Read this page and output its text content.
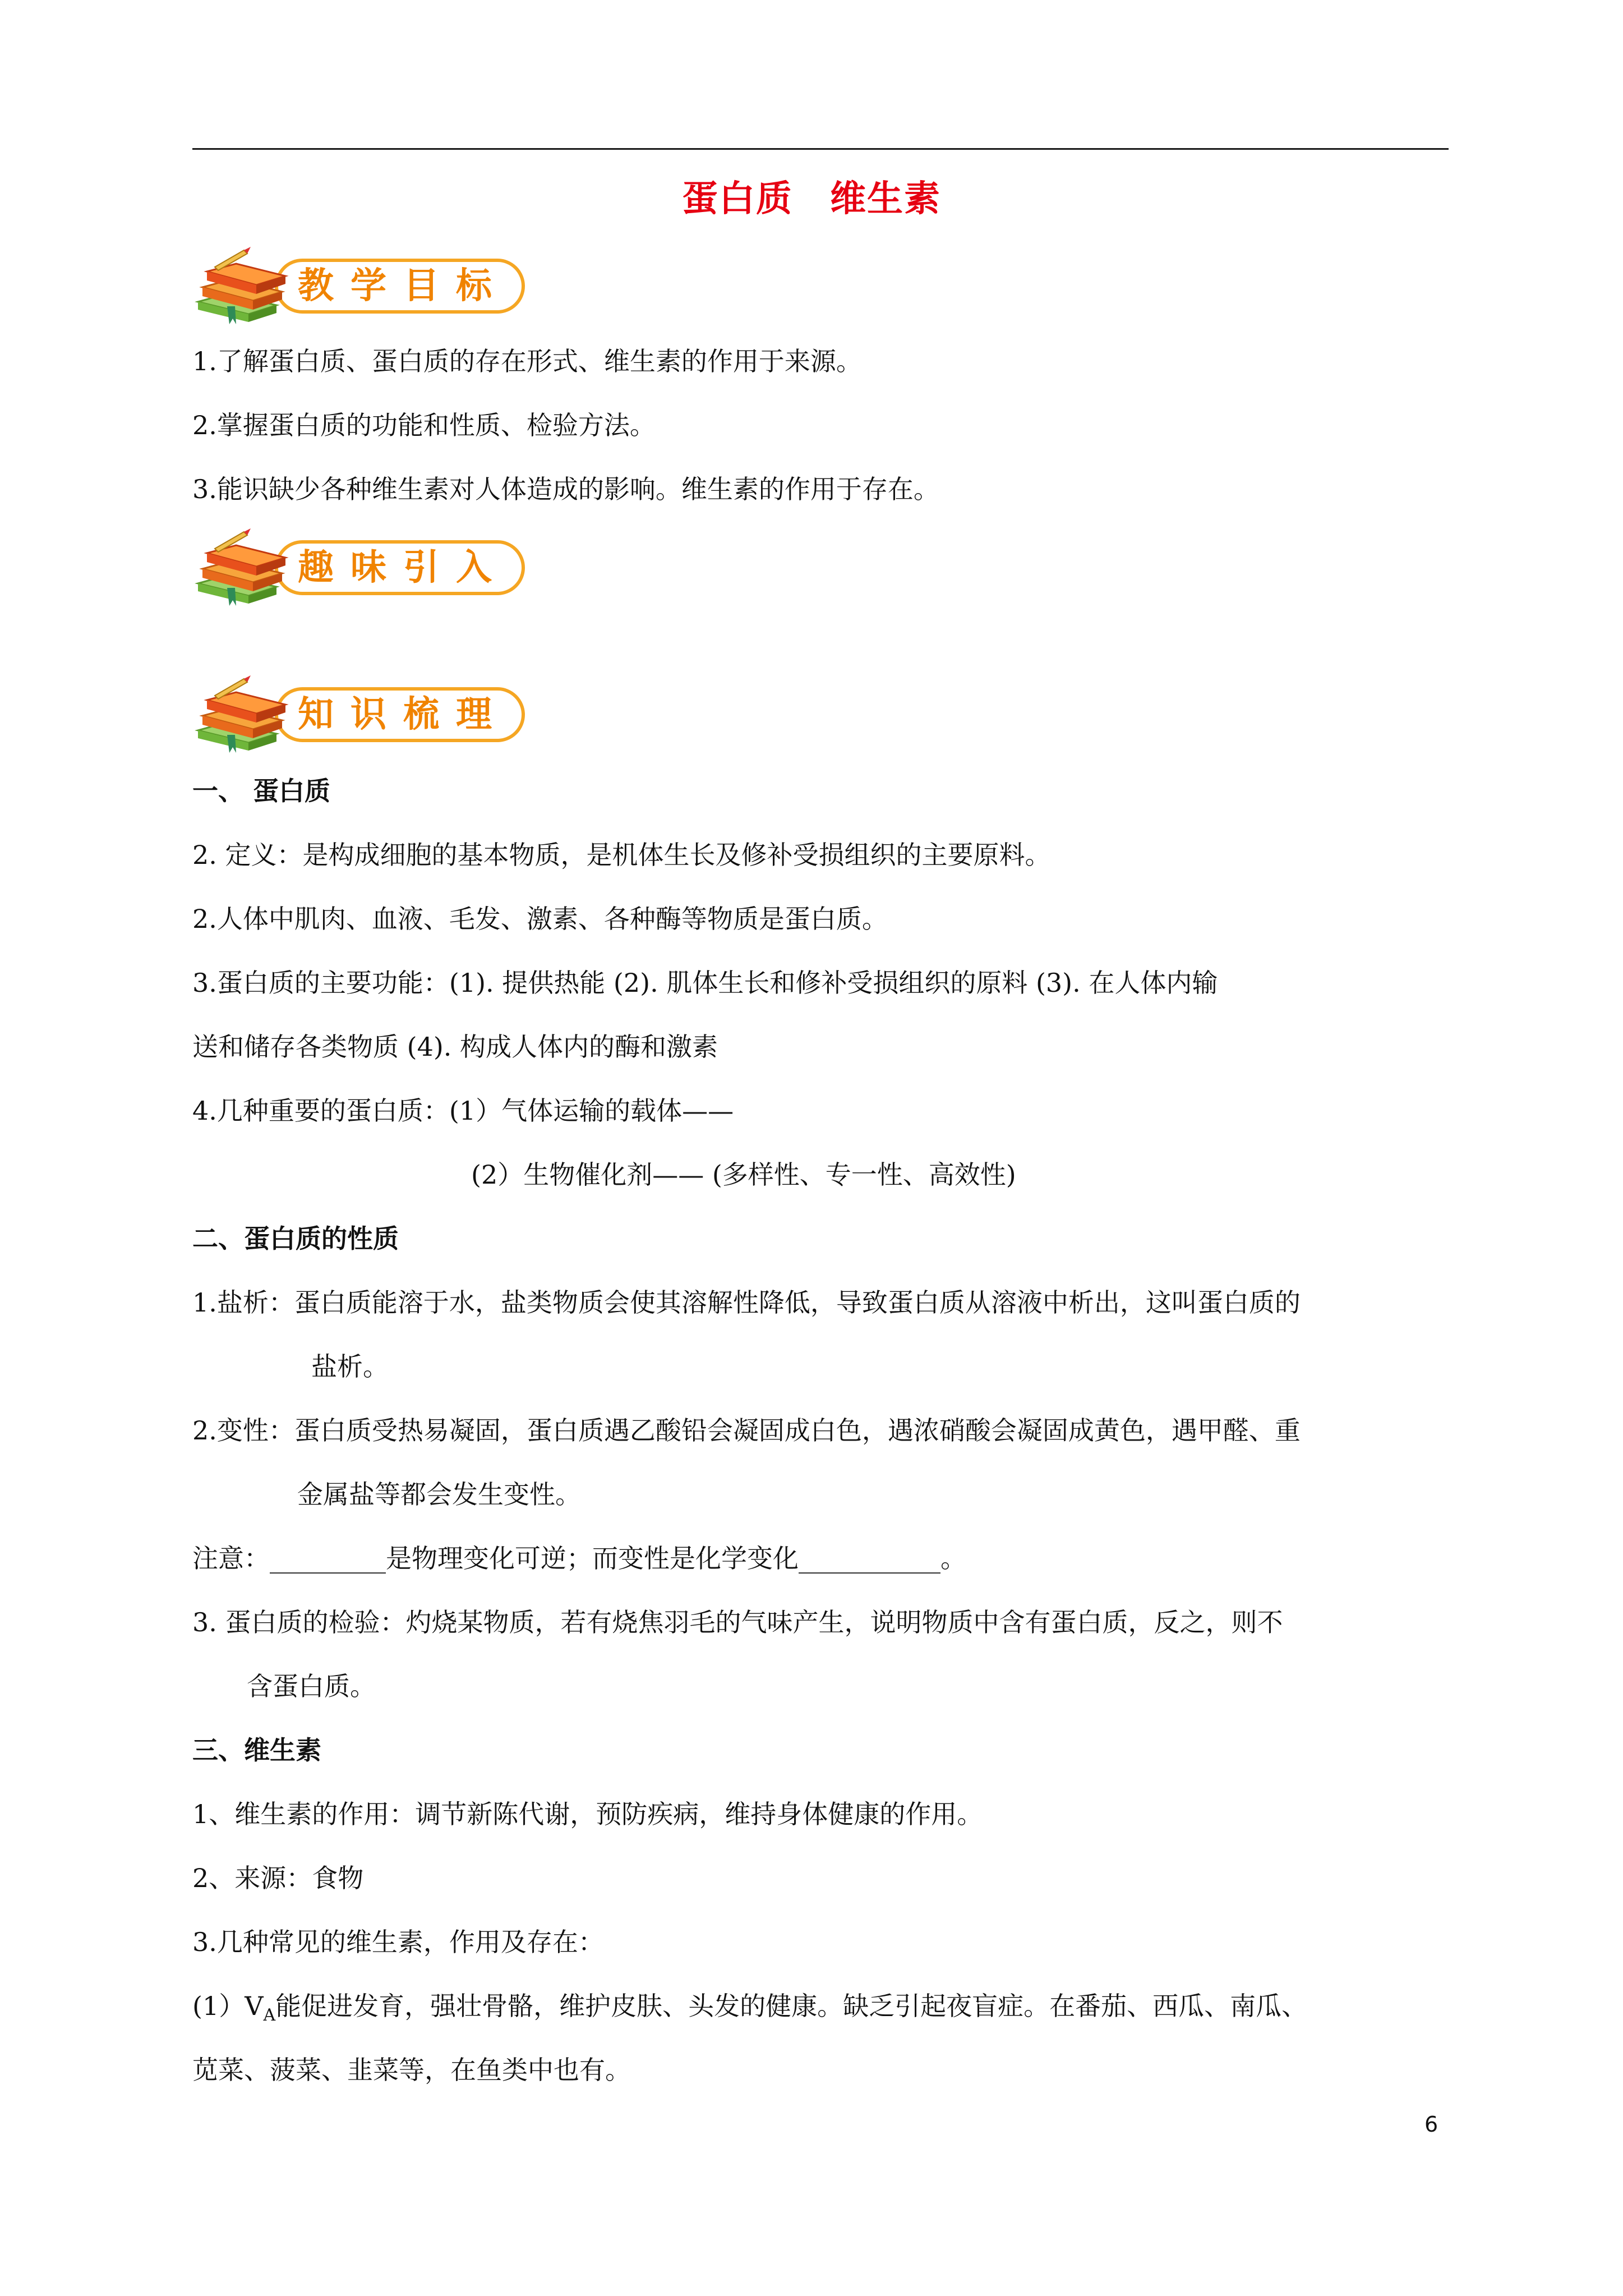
蛋白质　维生素
教学目标
1.了解蛋白质、蛋白质的存在形式、维生素的作用于来源。
2.掌握蛋白质的功能和性质、检验方法。
3.能识缺少各种维生素对人体造成的影响。维生素的作用于存在。
趣味引入
知识梳理
一、 蛋白质
2. 定义：是构成细胞的基本物质，是机体生长及修补受损组织的主要原料。
2.人体中肌肉、血液、毛发、激素、各种酶等物质是蛋白质。
3.蛋白质的主要功能：(1). 提供热能 (2). 肌体生长和修补受损组织的原料 (3). 在人体内输
送和储存各类物质 (4). 构成人体内的酶和激素
4.几种重要的蛋白质：(1）气体运输的载体——
(2）生物催化剂—— (多样性、专一性、高效性)
二、蛋白质的性质
1.盐析：蛋白质能溶于水，盐类物质会使其溶解性降低，导致蛋白质从溶液中析出，这叫蛋白质的
盐析。
2.变性：蛋白质受热易凝固，蛋白质遇乙酸铅会凝固成白色，遇浓硝酸会凝固成黄色，遇甲醛、重
金属盐等都会发生变性。
注意：_________是物理变化可逆；而变性是化学变化___________。
3. 蛋白质的检验：灼烧某物质，若有烧焦羽毛的气味产生，说明物质中含有蛋白质，反之，则不
含蛋白质。
三、维生素
1、维生素的作用：调节新陈代谢，预防疾病，维持身体健康的作用。
2、来源：食物
3.几种常见的维生素，作用及存在：
$(1)V_A$能促进发育，强壮骨骼，维护皮肤、头发的健康。缺乏引起夜盲症。在番茄、西瓜、南瓜、
苋菜、菠菜、韭菜等，在鱼类中也有。
6
